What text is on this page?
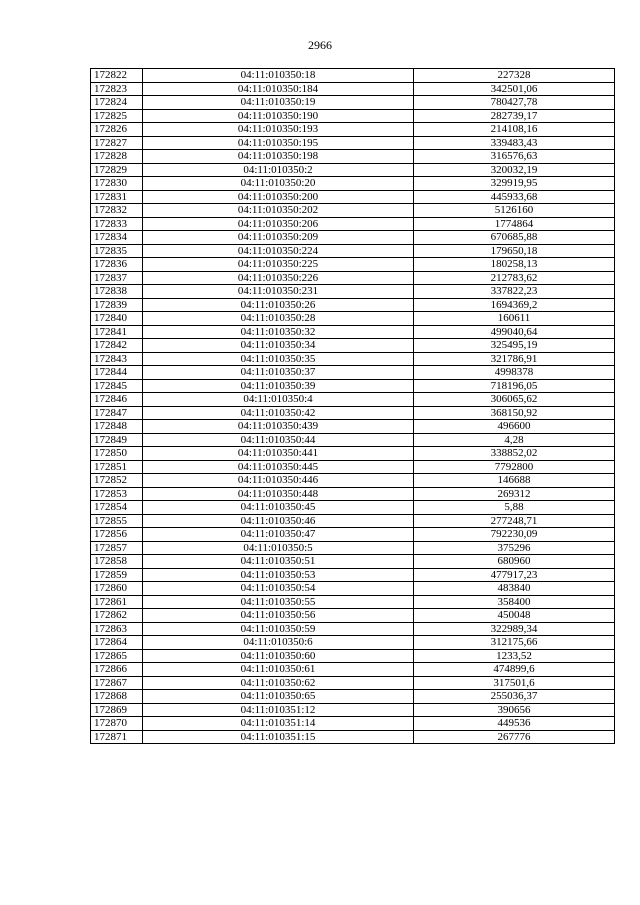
2966
172822	04:11:010350:18	227328
172823	04:11:010350:184	342501,06
172824	04:11:010350:19	780427,78
172825	04:11:010350:190	282739,17
172826	04:11:010350:193	214108,16
172827	04:11:010350:195	339483,43
172828	04:11:010350:198	316576,63
172829	04:11:010350:2	320032,19
172830	04:11:010350:20	329919,95
172831	04:11:010350:200	445933,68
172832	04:11:010350:202	5126160
172833	04:11:010350:206	1774864
172834	04:11:010350:209	670685,88
172835	04:11:010350:224	179650,18
172836	04:11:010350:225	180258,13
172837	04:11:010350:226	212783,62
172838	04:11:010350:231	337822,23
172839	04:11:010350:26	1694369,2
172840	04:11:010350:28	160611
172841	04:11:010350:32	499040,64
172842	04:11:010350:34	325495,19
172843	04:11:010350:35	321786,91
172844	04:11:010350:37	4998378
172845	04:11:010350:39	718196,05
172846	04:11:010350:4	306065,62
172847	04:11:010350:42	368150,92
172848	04:11:010350:439	496600
172849	04:11:010350:44	4,28
172850	04:11:010350:441	338852,02
172851	04:11:010350:445	7792800
172852	04:11:010350:446	146688
172853	04:11:010350:448	269312
172854	04:11:010350:45	5,88
172855	04:11:010350:46	277248,71
172856	04:11:010350:47	792230,09
172857	04:11:010350:5	375296
172858	04:11:010350:51	680960
172859	04:11:010350:53	477917,23
172860	04:11:010350:54	483840
172861	04:11:010350:55	358400
172862	04:11:010350:56	450048
172863	04:11:010350:59	322989,34
172864	04:11:010350:6	312175,66
172865	04:11:010350:60	1233,52
172866	04:11:010350:61	474899,6
172867	04:11:010350:62	317501,6
172868	04:11:010350:65	255036,37
172869	04:11:010351:12	390656
172870	04:11:010351:14	449536
172871	04:11:010351:15	267776
